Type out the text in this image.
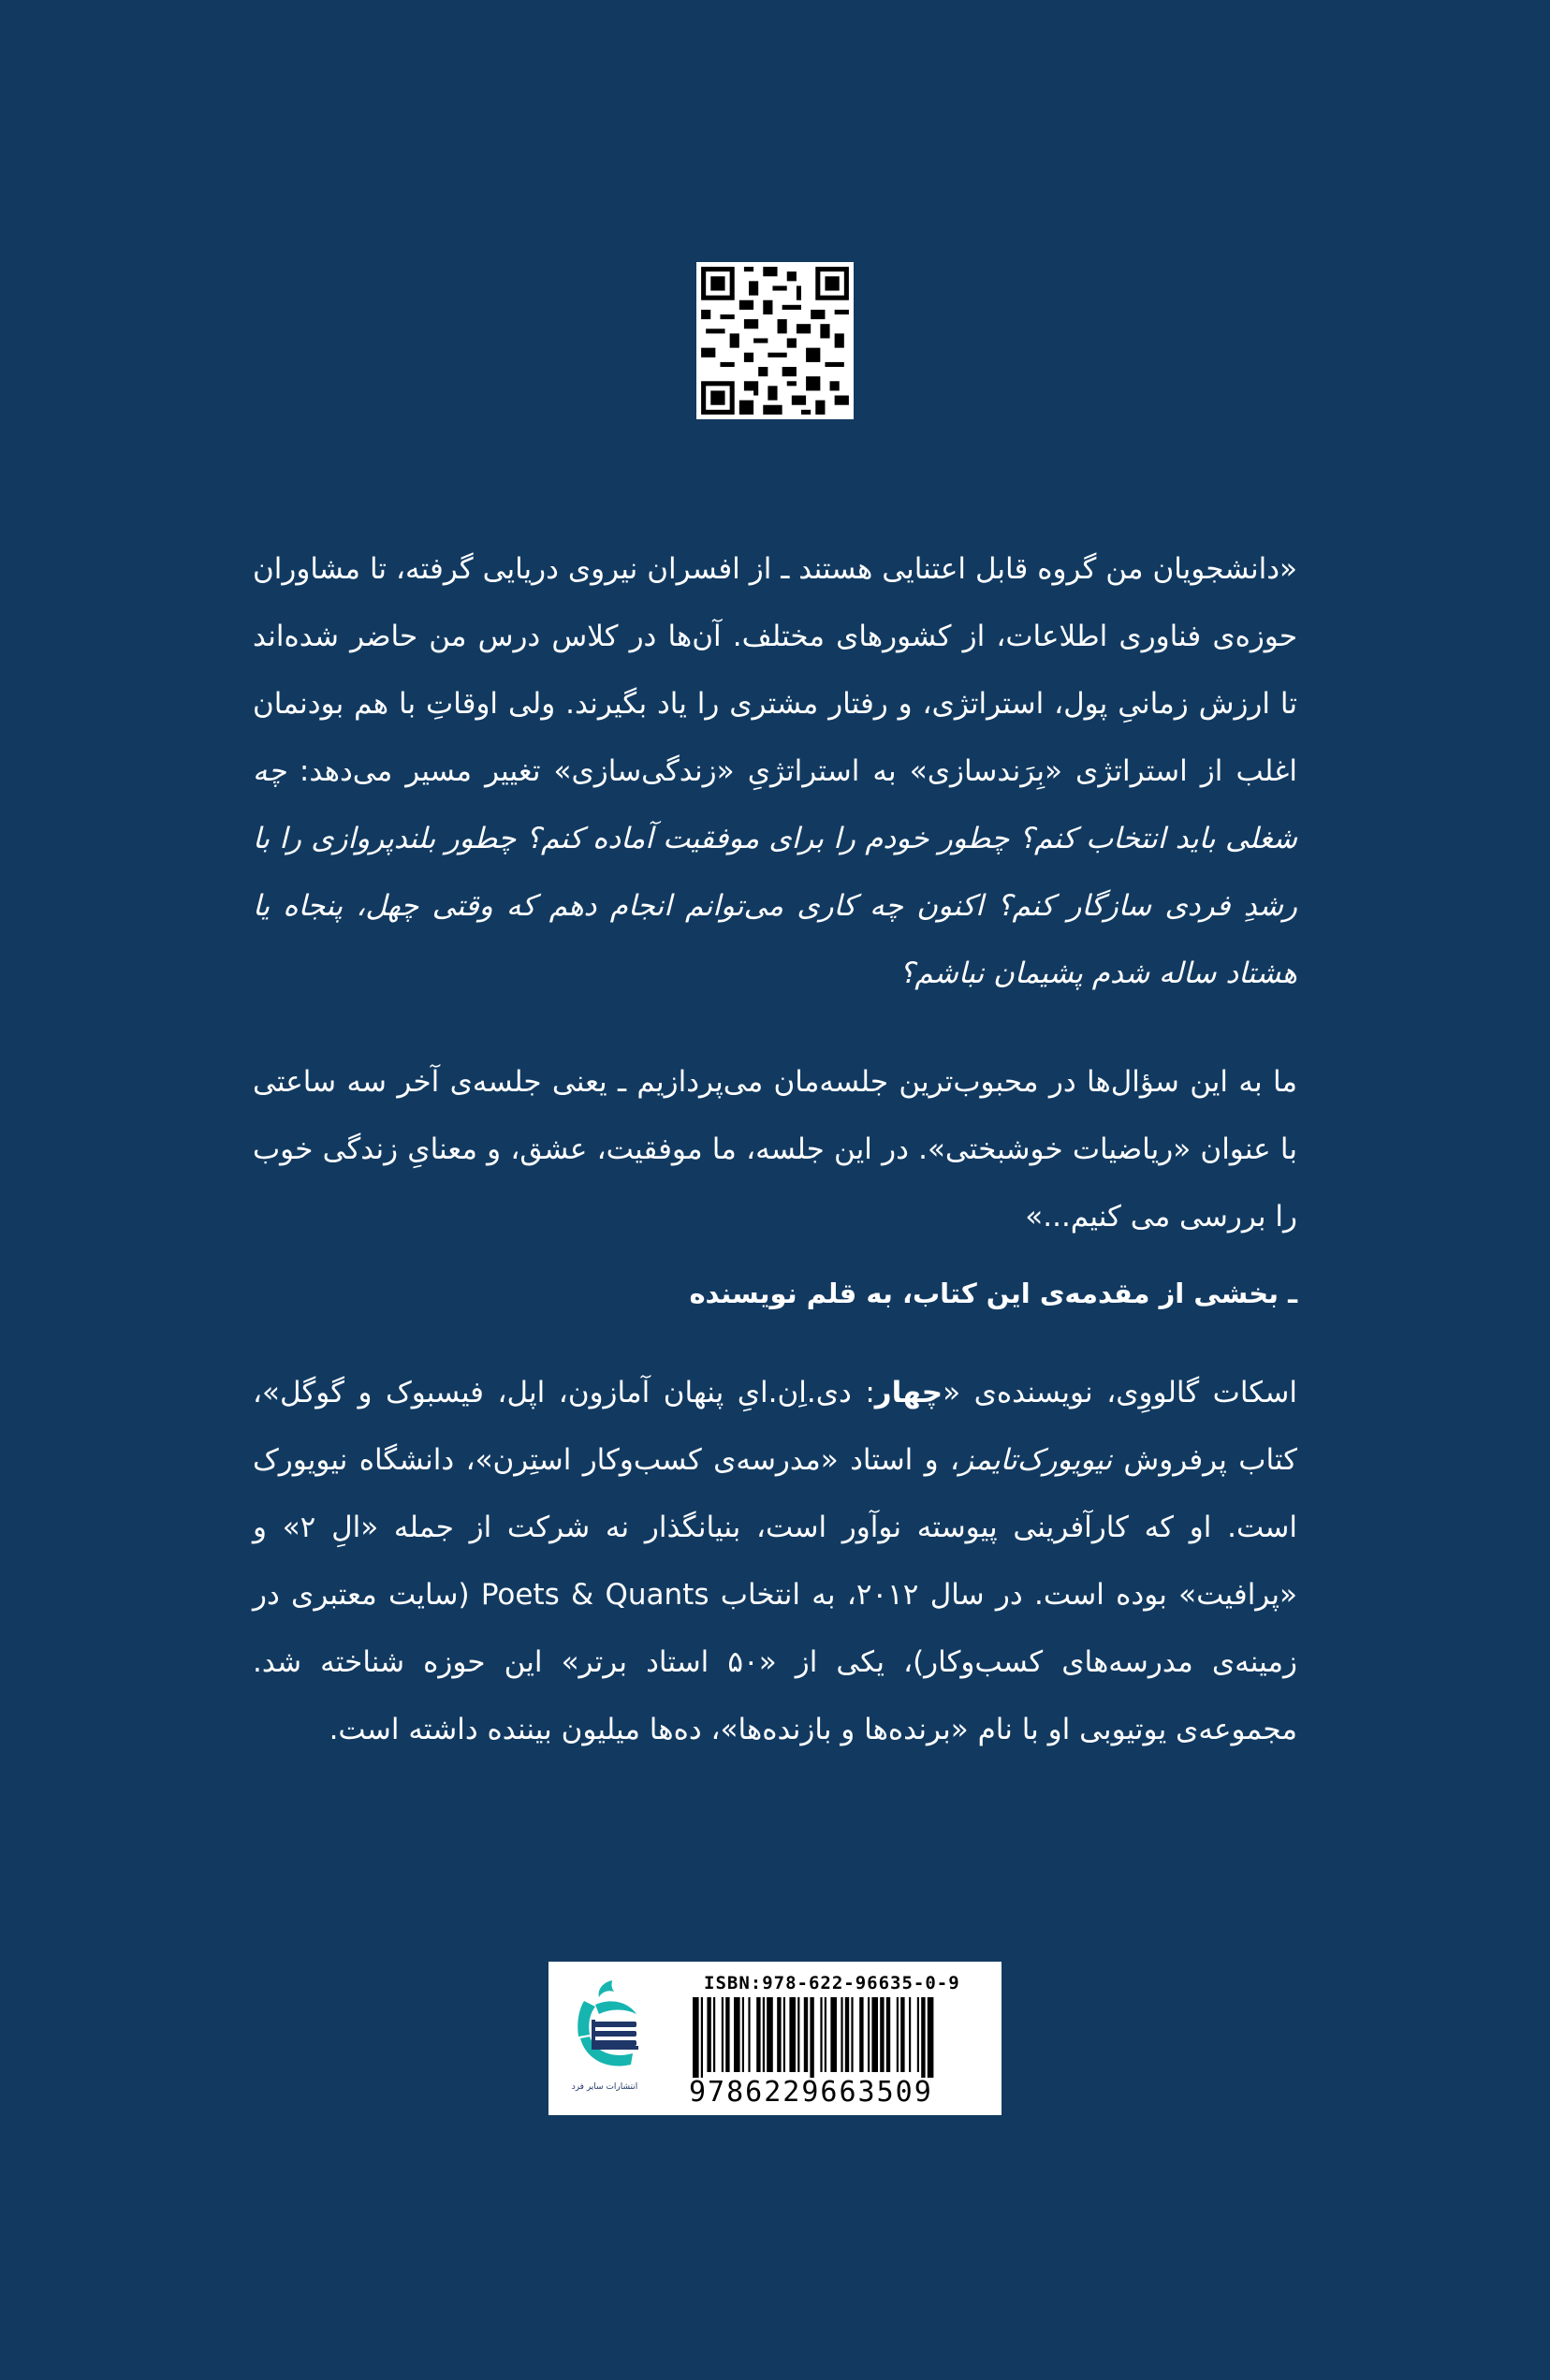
«دانشجویان من گروه قابل اعتنایی هستند ـ از افسران نیروی دریایی گرفته، تا مشاوران حوزه‌ی فناوری اطلاعات، از کشورهای مختلف. آن‌ها در کلاس درس من حاضر شده‌اند تا ارزش زمانیِ پول، استراتژی، و رفتار مشتری را یاد بگیرند. ولی اوقاتِ با هم بودنمان اغلب از استراتژی «بِرَندسازی» به استراتژیِ «زندگی‌سازی» تغییر مسیر می‌دهد: چه شغلی باید انتخاب کنم؟ چطور خودم را برای موفقیت آماده کنم؟ چطور بلندپروازی را با رشدِ فردی سازگار کنم؟ اکنون چه کاری می‌توانم انجام دهم که وقتی چهل، پنجاه یا هشتاد ساله شدم پشیمان نباشم؟

ما به این سؤال‌ها در محبوب‌ترین جلسه‌مان می‌پردازیم ـ یعنی جلسه‌ی آخر سه ساعتی با عنوان «ریاضیات خوشبختی». در این جلسه، ما موفقیت، عشق، و معنایِ زندگی خوب را بررسی می کنیم...»

ـ بخشی از مقدمه‌ی این کتاب، به قلم نویسنده

اسکات گالووِی، نویسنده‌ی «چهار: دی.اِن.ایِ پنهان آمازون، اپل، فیسبوک و گوگل»، کتاب پرفروش نیویورک‌تایمز، و استاد «مدرسه‌ی کسب‌وکار استِرن»، دانشگاه نیویورک است. او که کارآفرینی پیوسته نوآور است، بنیانگذار نه شرکت از جمله «الِ ۲» و «پرافیت» بوده است. در سال ۲۰۱۲، به انتخاب Poets & Quants (سایت معتبری در زمینه‌ی مدرسه‌های کسب‌وکار)، یکی از «۵۰ استاد برتر» این حوزه شناخته شد. مجموعه‌ی یوتیوبی او با نام «برنده‌ها و بازنده‌ها»، ده‌ها میلیون بیننده داشته است.

انتشارات سایر فرد
ISBN:978-622-96635-0-9
9786229663509
